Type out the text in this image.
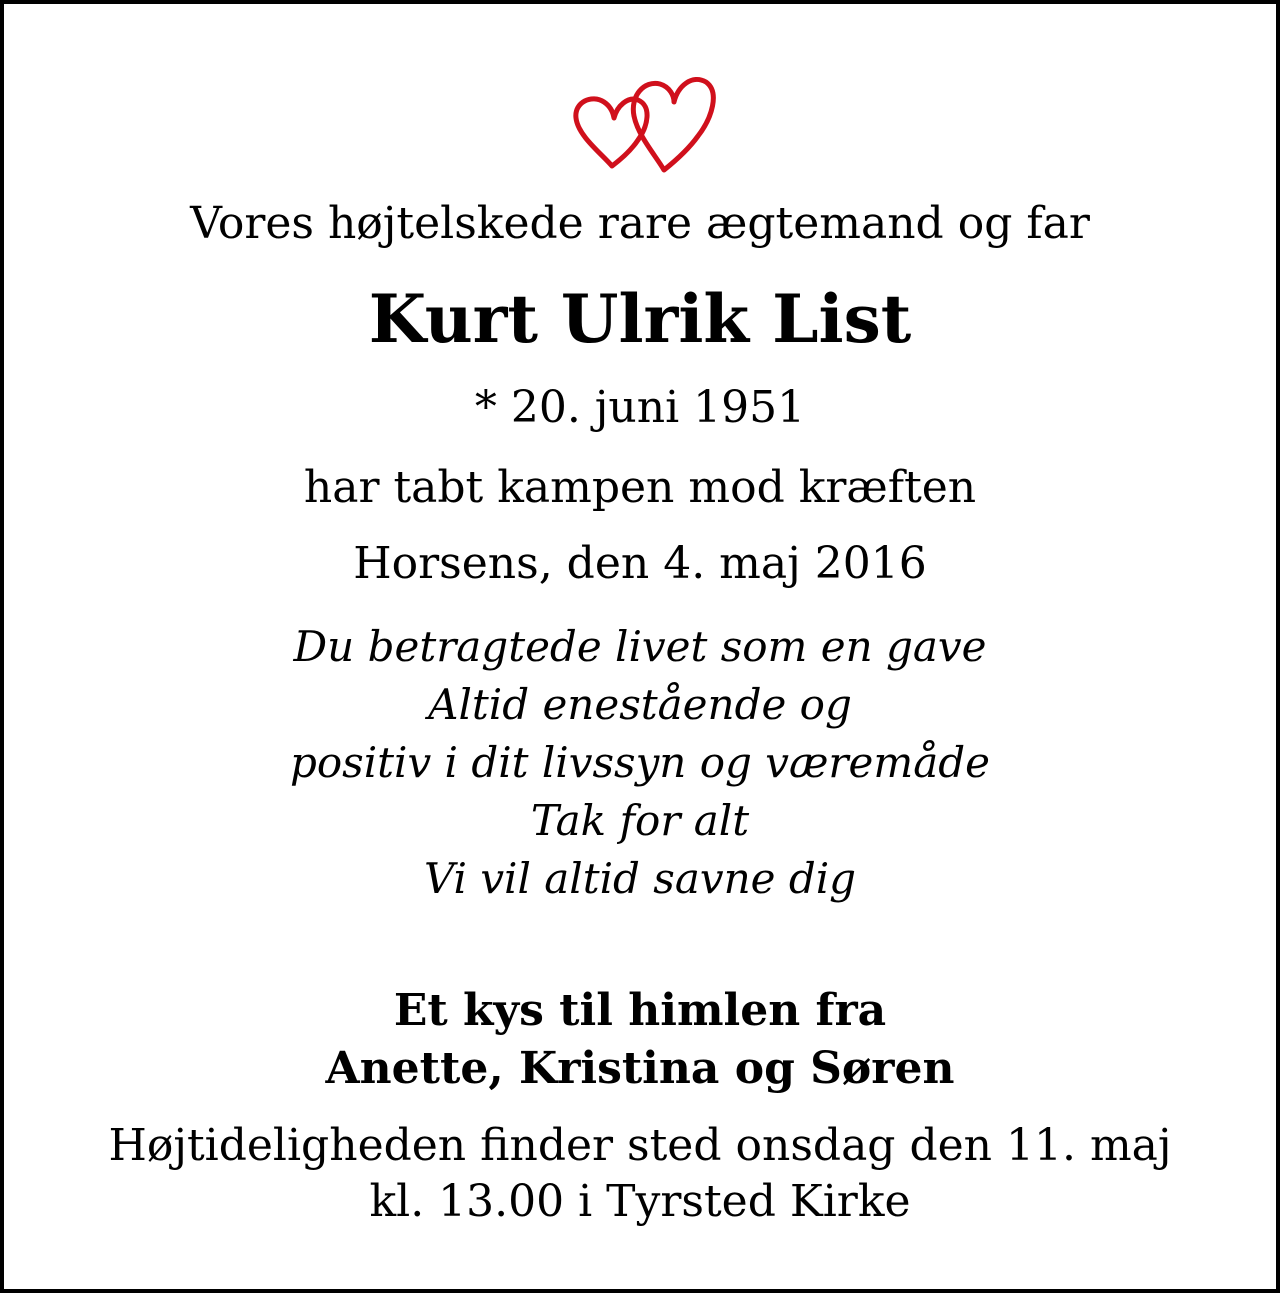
Vores højtelskede rare ægtemand og far
Kurt Ulrik List
* 20. juni 1951
har tabt kampen mod kræften
Horsens, den 4. maj 2016
Du betragtede livet som en gave
Altid enestående og
positiv i dit livssyn og væremåde
Tak for alt
Vi vil altid savne dig
Et kys til himlen fra
Anette, Kristina og Søren
Højtideligheden finder sted onsdag den 11. maj
kl. 13.00 i Tyrsted Kirke
